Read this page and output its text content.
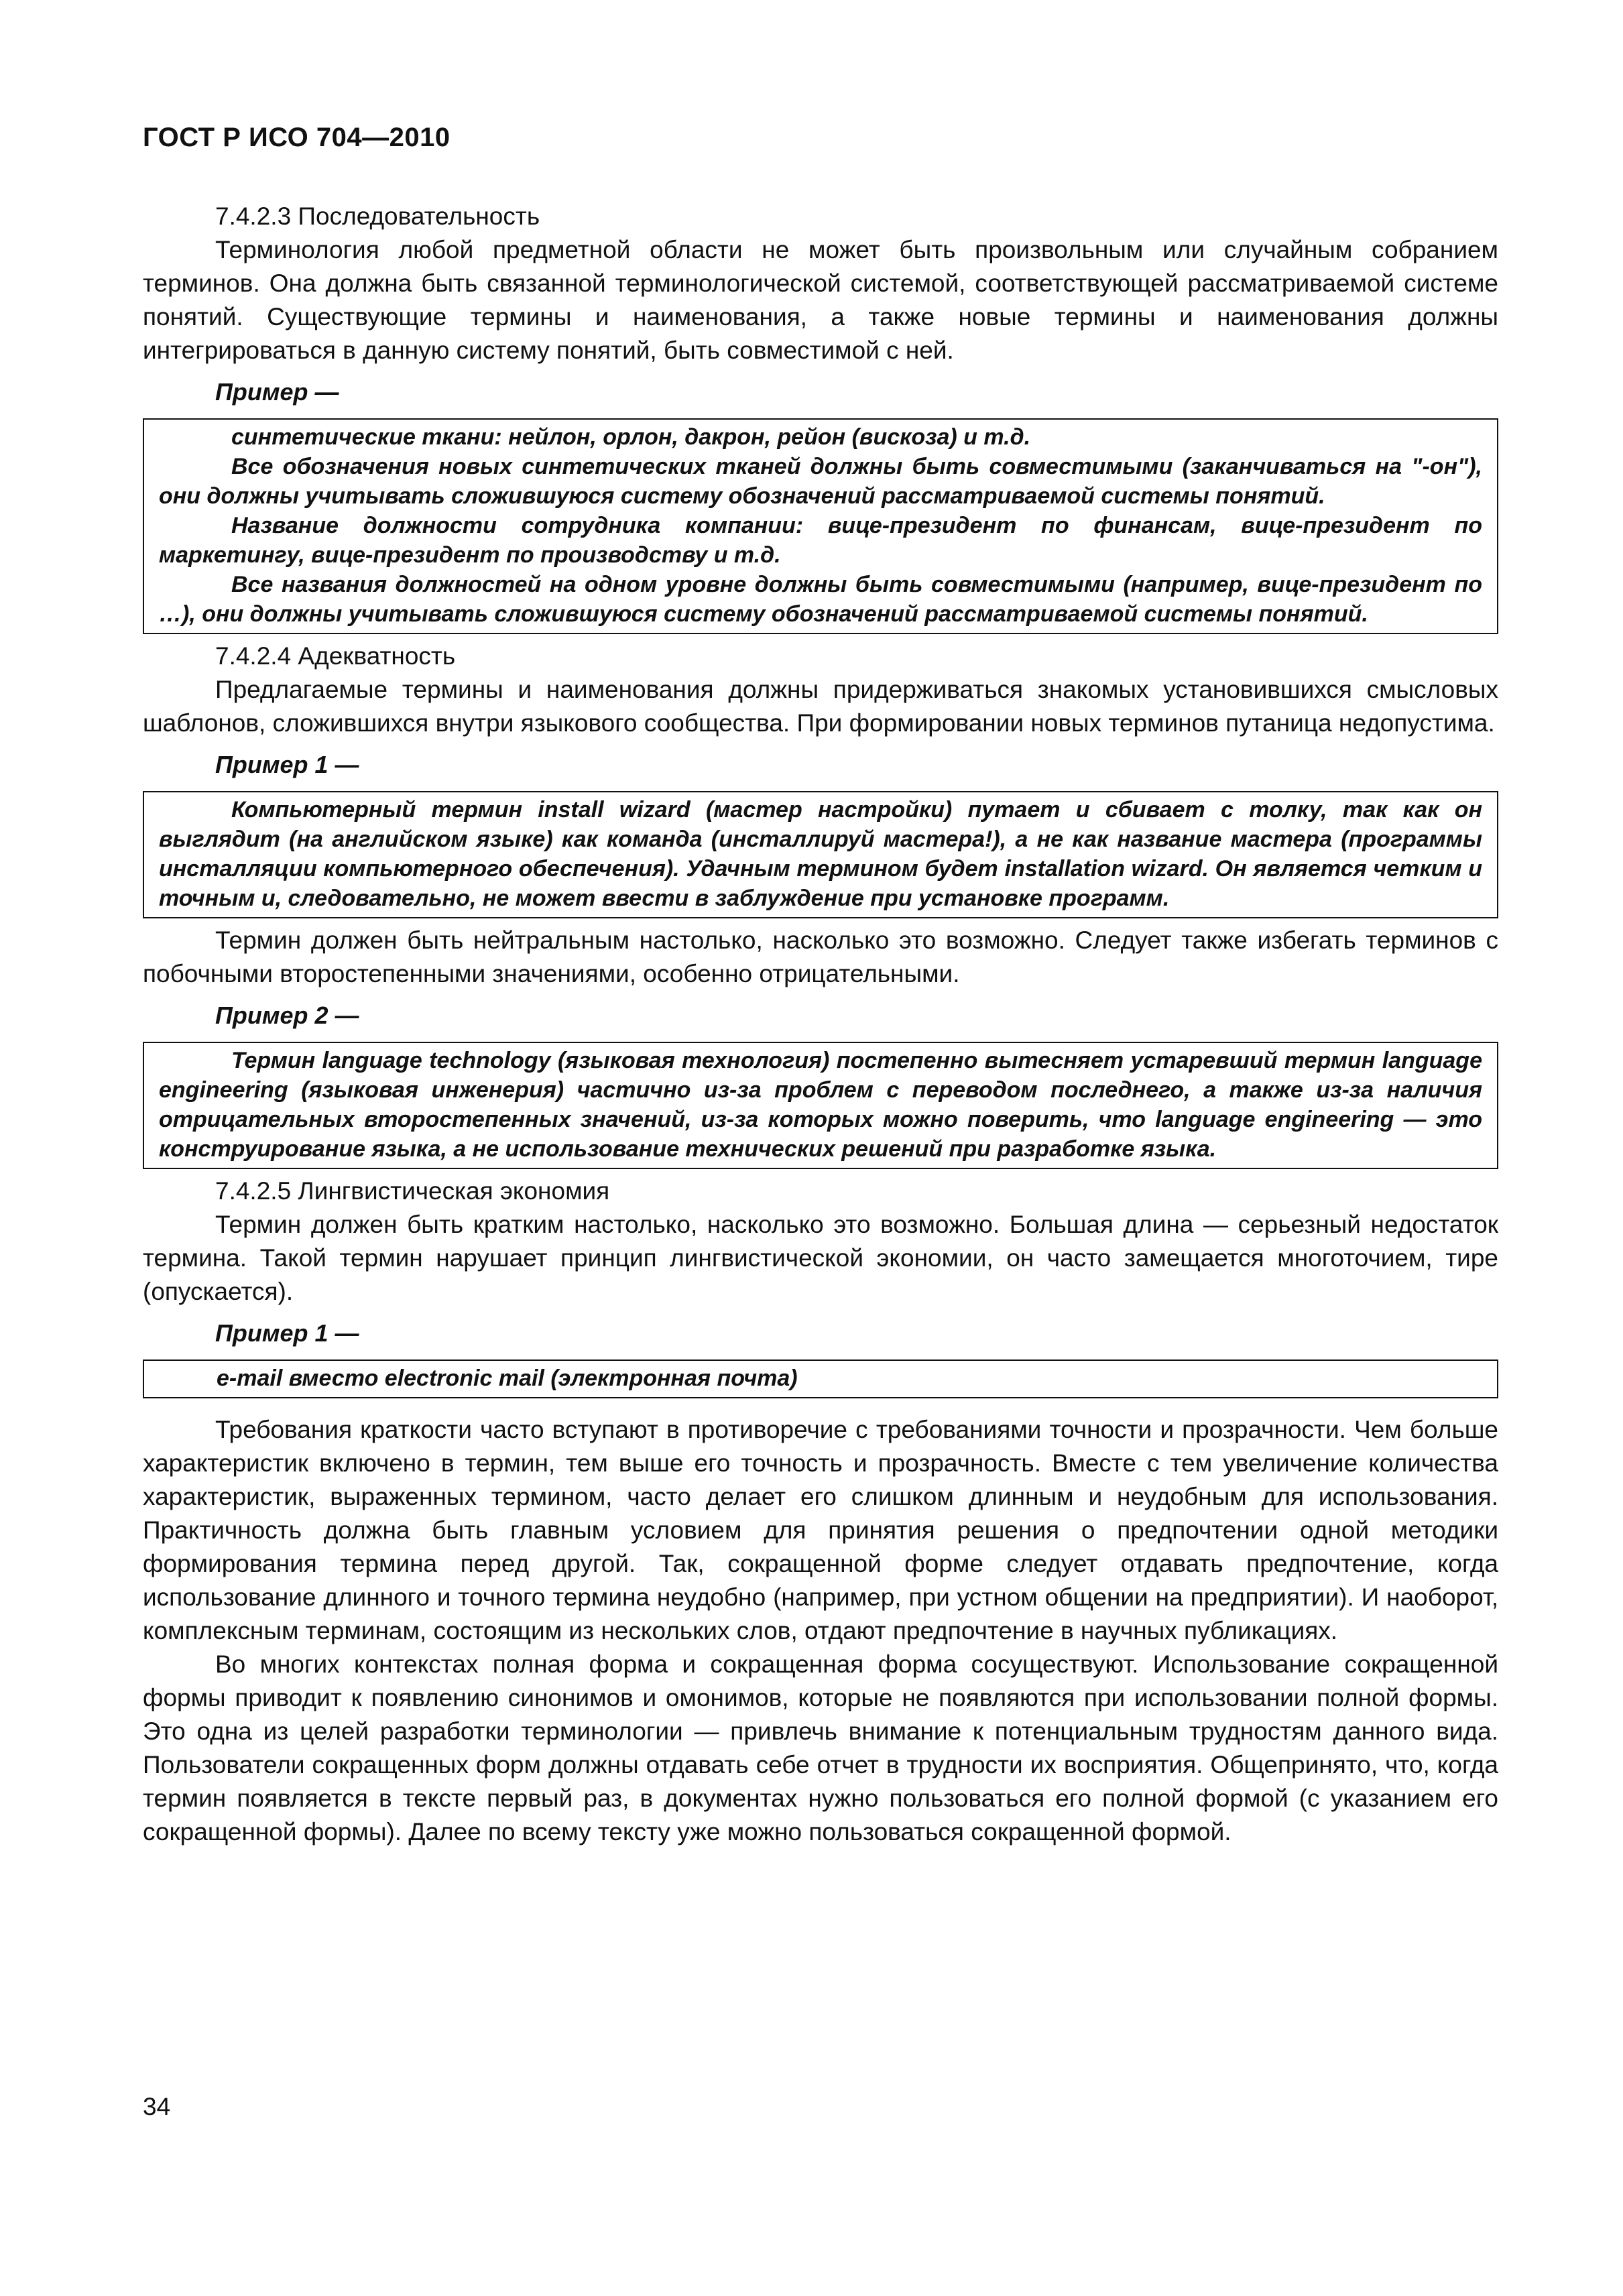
ГОСТ Р ИСО 704—2010

7.4.2.3 Последовательность

Терминология любой предметной области не может быть произвольным или случайным собранием терминов. Она должна быть связанной терминологической системой, соответствующей рассматриваемой системе понятий. Существующие термины и наименования, а также новые термины и наименования должны интегрироваться в данную систему понятий, быть совместимой с ней.

Пример —

синтетические ткани: нейлон, орлон, дакрон, рейон (вискоза) и т.д.

Все обозначения новых синтетических тканей должны быть совместимыми (заканчиваться на "-он"), они должны учитывать сложившуюся систему обозначений рассматриваемой системы понятий.

Название должности сотрудника компании: вице-президент по финансам, вице-президент по маркетингу, вице-президент по производству и т.д.

Все названия должностей на одном уровне должны быть совместимыми (например, вице-президент по …), они должны учитывать сложившуюся систему обозначений рассматриваемой системы понятий.

7.4.2.4 Адекватность

Предлагаемые термины и наименования должны придерживаться знакомых установившихся смысловых шаблонов, сложившихся внутри языкового сообщества. При формировании новых терминов путаница недопустима.

Пример 1 —

Компьютерный термин install wizard (мастер настройки) путает и сбивает с толку, так как он выглядит (на английском языке) как команда (инсталлируй мастера!), а не как название мастера (программы инсталляции компьютерного обеспечения). Удачным термином будет installation wizard. Он является четким и точным и, следовательно, не может ввести в заблуждение при установке программ.

Термин должен быть нейтральным настолько, насколько это возможно. Следует также избегать терминов с побочными второстепенными значениями, особенно отрицательными.

Пример 2 —

Термин language technology (языковая технология) постепенно вытесняет устаревший термин language engineering (языковая инженерия) частично из-за проблем с переводом последнего, а также из-за наличия отрицательных второстепенных значений, из-за которых можно поверить, что language engineering — это конструирование языка, а не использование технических решений при разработке языка.

7.4.2.5 Лингвистическая экономия

Термин должен быть кратким настолько, насколько это возможно. Большая длина — серьезный недостаток термина. Такой термин нарушает принцип лингвистической экономии, он часто замещается многоточием, тире (опускается).

Пример 1 —

e-mail вместо electronic mail (электронная почта)

Требования краткости часто вступают в противоречие с требованиями точности и прозрачности. Чем больше характеристик включено в термин, тем выше его точность и прозрачность. Вместе с тем увеличение количества характеристик, выраженных термином, часто делает его слишком длинным и неудобным для использования. Практичность должна быть главным условием для принятия решения о предпочтении одной методики формирования термина перед другой. Так, сокращенной форме следует отдавать предпочтение, когда использование длинного и точного термина неудобно (например, при устном общении на предприятии). И наоборот, комплексным терминам, состоящим из нескольких слов, отдают предпочтение в научных публикациях.

Во многих контекстах полная форма и сокращенная форма сосуществуют. Использование сокращенной формы приводит к появлению синонимов и омонимов, которые не появляются при использовании полной формы. Это одна из целей разработки терминологии — привлечь внимание к потенциальным трудностям данного вида. Пользователи сокращенных форм должны отдавать себе отчет в трудности их восприятия. Общепринято, что, когда термин появляется в тексте первый раз, в документах нужно пользоваться его полной формой (с указанием его сокращенной формы). Далее по всему тексту уже можно пользоваться сокращенной формой.

34
